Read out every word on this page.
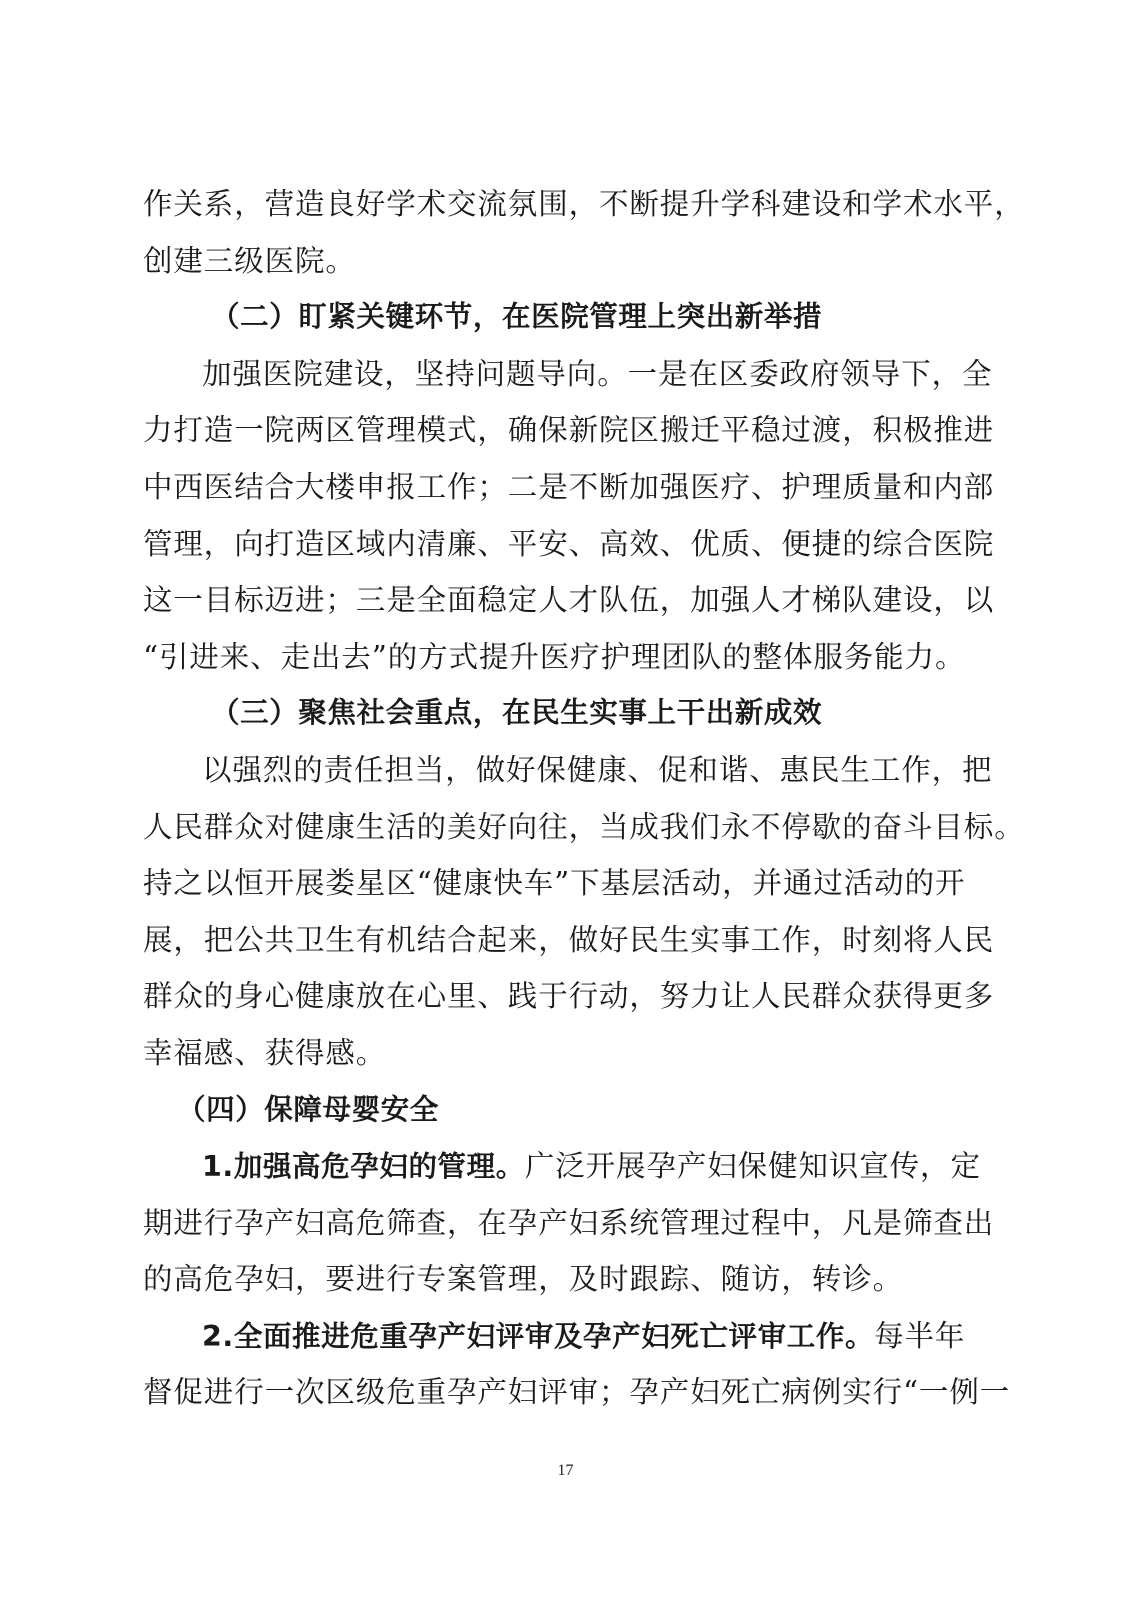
作关系，营造良好学术交流氛围，不断提升学科建设和学术水平，
创建三级医院。
（二）盯紧关键环节，在医院管理上突出新举措
加强医院建设，坚持问题导向。一是在区委政府领导下，全
力打造一院两区管理模式，确保新院区搬迁平稳过渡，积极推进
中西医结合大楼申报工作；二是不断加强医疗、护理质量和内部
管理，向打造区域内清廉、平安、高效、优质、便捷的综合医院
这一目标迈进；三是全面稳定人才队伍，加强人才梯队建设，以
“引进来、走出去”的方式提升医疗护理团队的整体服务能力。
（三）聚焦社会重点，在民生实事上干出新成效
以强烈的责任担当，做好保健康、促和谐、惠民生工作，把
人民群众对健康生活的美好向往，当成我们永不停歇的奋斗目标。
持之以恒开展娄星区“健康快车”下基层活动，并通过活动的开
展，把公共卫生有机结合起来，做好民生实事工作，时刻将人民
群众的身心健康放在心里、践于行动，努力让人民群众获得更多
幸福感、获得感。
（四）保障母婴安全
1.加强高危孕妇的管理。广泛开展孕产妇保健知识宣传，定
期进行孕产妇高危筛查，在孕产妇系统管理过程中，凡是筛查出
的高危孕妇，要进行专案管理，及时跟踪、随访，转诊。
2.全面推进危重孕产妇评审及孕产妇死亡评审工作。每半年
督促进行一次区级危重孕产妇评审；孕产妇死亡病例实行“一例一
17
